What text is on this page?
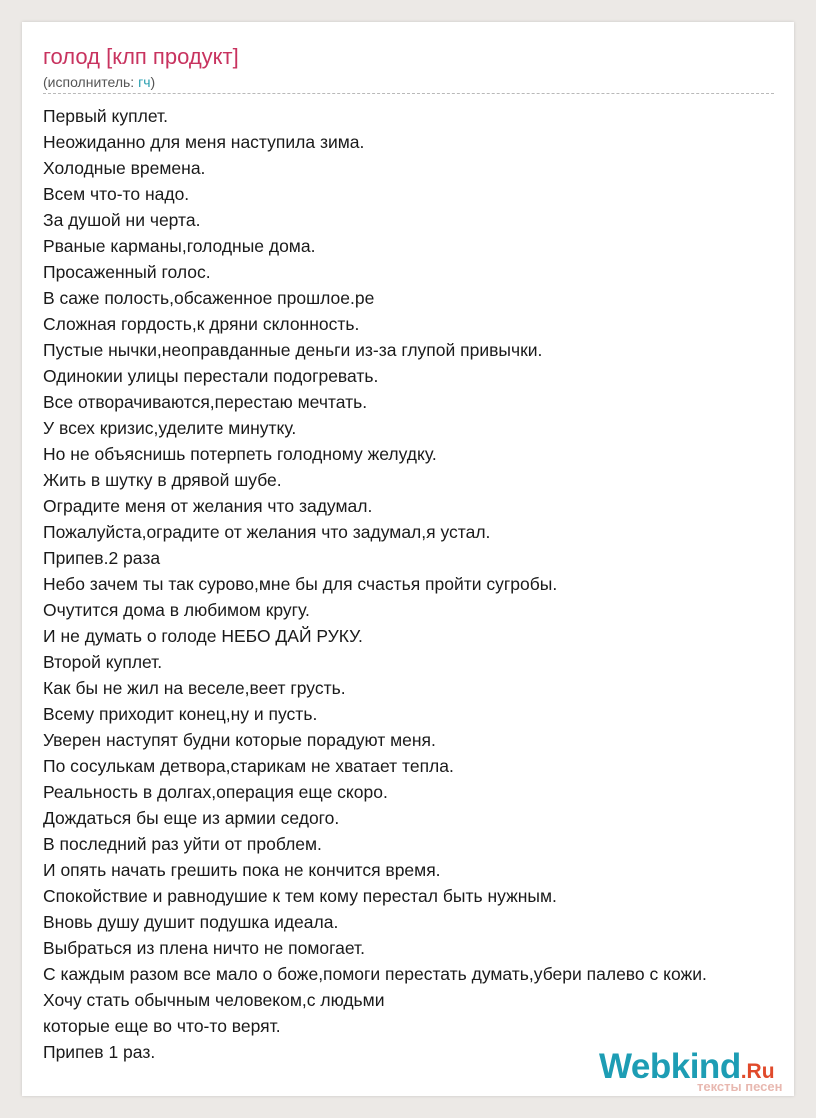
голод [клп продукт]
(исполнитель: гч)
Первый куплет.
Неожиданно для меня наступила зима.
Холодные времена.
Всем что-то надо.
За душой ни черта.
Рваные карманы,голодные дома.
Просаженный голос.
В саже полость,обсаженное прошлое.ре
Сложная гордость,к дряни склонность.
Пустые нычки,неоправданные деньги из-за глупой привычки.
Одинокии улицы перестали подогревать.
Все отворачиваются,перестаю мечтать.
У всех кризис,уделите минутку.
Но не объяснишь потерпеть голодному желудку.
Жить в шутку в дрявой шубе.
Оградите меня от желания что задумал.
Пожалуйста,оградите от желания что задумал,я устал.
Припев.2 раза
Небо зачем ты так сурово,мне бы для счастья пройти сугробы.
Очутится дома в любимом кругу.
И не думать о голоде НЕБО ДАЙ РУКУ.
Второй куплет.
Как бы не жил на веселе,веет грусть.
Всему приходит конец,ну и пусть.
Уверен наступят будни которые порадуют меня.
По сосулькам детвора,старикам не хватает тепла.
Реальность в долгах,операция еще скоро.
Дождаться бы еще из армии седого.
В последний раз уйти от проблем.
И опять начать грешить пока не кончится время.
Спокойствие и равнодушие к тем кому перестал быть нужным.
Вновь душу душит подушка идеала.
Выбраться из плена ничто не помогает.
С каждым разом все мало о боже,помоги перестать думать,убери палево с кожи.
Хочу стать обычным человеком,с людьми
которые еще во что-то верят.
Припев 1 раз.	Webkind.Ru
тексты песен
